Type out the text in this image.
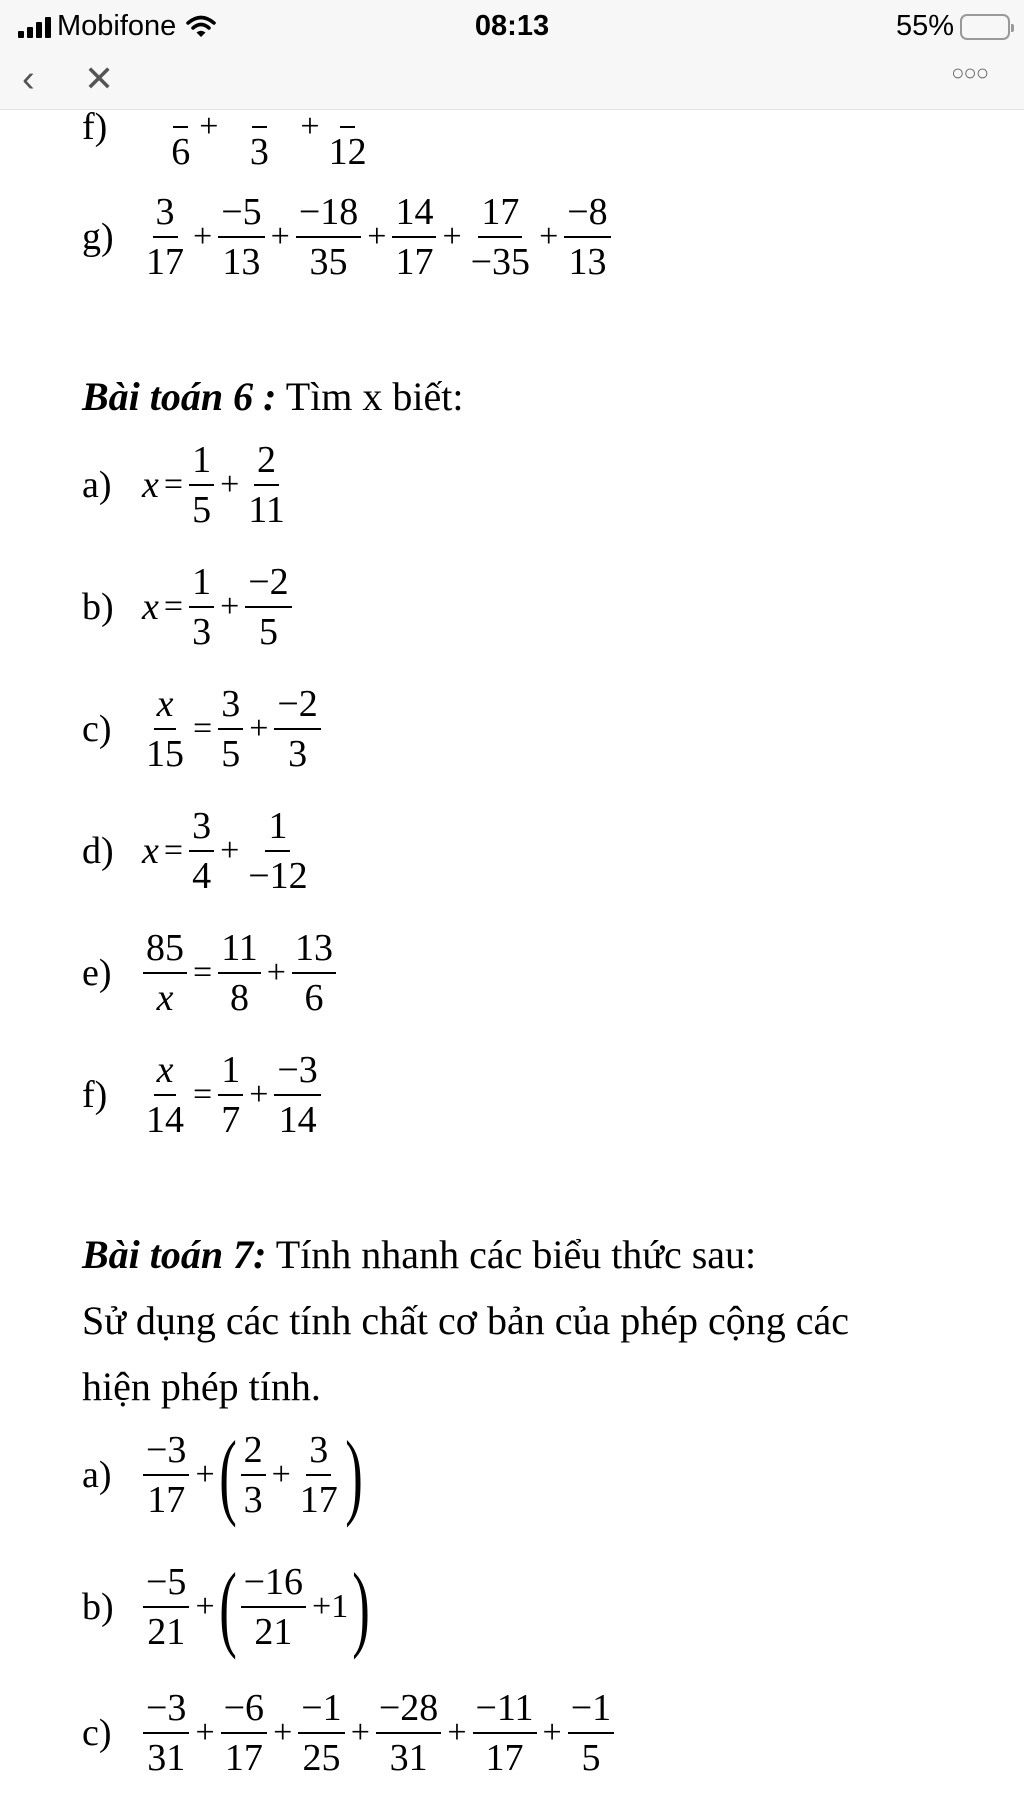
Mobifone	08:13	55%
‹ ✕	○○○
f)

6
+

3
+

12
$g) \frac{3}{17} + \frac{-5}{13} + \frac{-18}{35} + \frac{14}{17} + \frac{17}{-35} + \frac{-8}{13}$
Bài toán 6 : Tìm x biết:
a) $x = \frac{1}{5} + \frac{2}{11}$
b) $x = \frac{1}{3} + \frac{-2}{5}$
$c) \frac{x}{15} = \frac{3}{5} + \frac{-2}{3}$
d) $x = \frac{3}{4} + \frac{1}{-12}$
$e) \frac{85}{x} = \frac{11}{8} + \frac{13}{6}$
$f) \frac{x}{14} = \frac{1}{7} + \frac{-3}{14}$
Bài toán 7: Tính nhanh các biểu thức sau:
Sử dụng các tính chất cơ bản của phép cộng các
hiện phép tính.
$a) \frac{-3}{17}$ + ( $\frac{2}{3} + \frac{3}{17}$ )
$b) \frac{-5}{21}$ + ( $\frac{-16}{21} +1$ )
$c) \frac{-3}{31} + \frac{-6}{17} + \frac{-1}{25} + \frac{-28}{31} + \frac{-11}{17} + \frac{-1}{5}$
